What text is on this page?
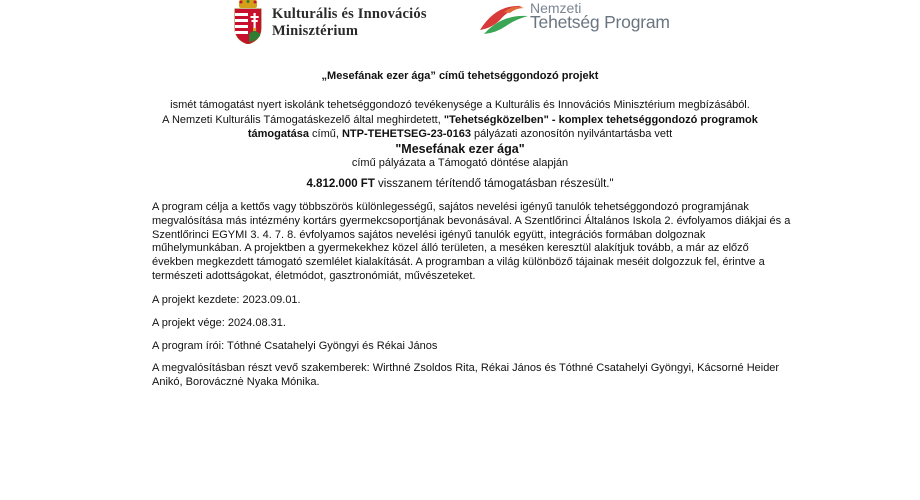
Kulturális és Innovációs
Minisztérium
Nemzeti
Tehetség Program
„Mesefának ezer ága” című tehetséggondozó projekt
ismét támogatást nyert iskolánk tehetséggondozó tevékenysége a Kulturális és Innovációs Minisztérium megbízásából.
A Nemzeti Kulturális Támogatáskezelő által meghirdetett, "Tehetségközelben" - komplex tehetséggondozó programok
támogatása című, NTP-TEHETSEG-23-0163 pályázati azonosítón nyilvántartásba vett
"Mesefának ezer ága"
című pályázata a Támogató döntése alapján
4.812.000 FT visszanem térítendő támogatásban részesült."
A program célja a kettős vagy többszörös különlegességű, sajátos nevelési igényű tanulók tehetséggondozó programjának megvalósítása más intézmény kortárs gyermekcsoportjának bevonásával. A Szentlőrinci Általános Iskola 2. évfolyamos diákjai és a Szentlőrinci EGYMI 3. 4. 7. 8. évfolyamos sajátos nevelési igényű tanulók együtt, integrációs formában dolgoznak műhelymunkában. A projektben a gyermekekhez közel álló területen, a meséken keresztül alakítjuk tovább, a már az előző években megkezdett támogató szemlélet kialakítását. A programban a világ különböző tájainak meséit dolgozzuk fel, érintve a természeti adottságokat, életmódot, gasztronómiát, művészeteket.
A projekt kezdete: 2023.09.01.
A projekt vége: 2024.08.31.
A program írói: Tóthné Csatahelyi Gyöngyi és Rékai János
A megvalósításban részt vevő szakemberek: Wirthné Zsoldos Rita, Rékai János és Tóthné Csatahelyi Gyöngyi, Kácsorné Heider Anikó, Borovácznė Nyaka Mónika.
